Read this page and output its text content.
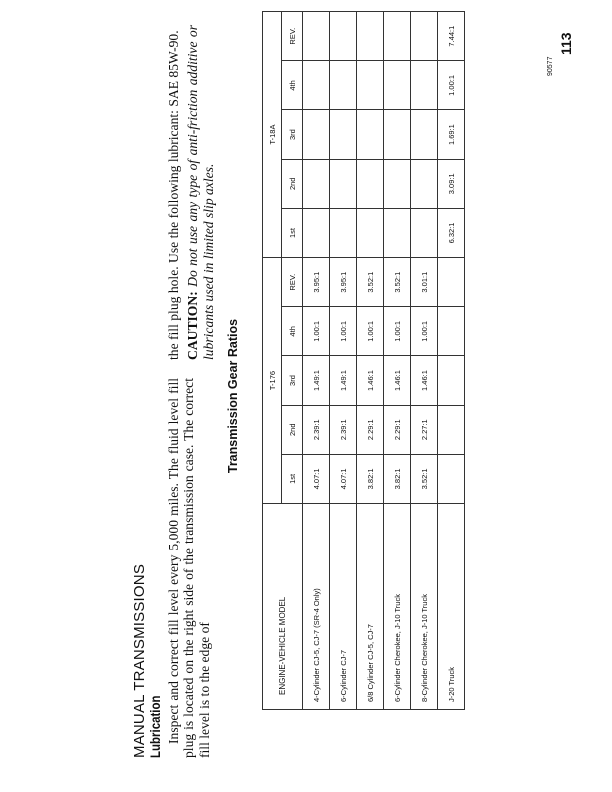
MANUAL TRANSMISSIONS Lubrication Inspect and correct fill level every 5,000 miles. The fluid level fill plug is located on the right side of the transmission case. The correct fill level is to the edge of

the fill plug hole. Use the following lubricant: SAE 85W-90. CAUTION: Do not use any type of anti-friction additive or lubricants used in limited slip axles.

Transmission Gear Ratios
ENGINE-VEHICLE MODEL	T-176					T-18A				
	1st	2nd	3rd	4th	REV.	1st	2nd	3rd	4th	REV.
4-Cylinder CJ-5, CJ-7 (SR-4 Only)	4.07:1	2.39:1	1.49:1	1.00:1	3.95:1					
6-Cylinder CJ-7	4.07:1	2.39:1	1.49:1	1.00:1	3.95:1					
6/8 Cylinder CJ-5, CJ-7	3.82:1	2.29:1	1.46:1	1.00:1	3.52:1					
6-Cylinder Cherokee, J-10 Truck	3.82:1	2.29:1	1.46:1	1.00:1	3.52:1					
8-Cylinder Cherokee, J-10 Truck	3.52:1	2.27:1	1.46:1	1.00:1	3.01:1					
J-20 Truck						6.32:1	3.09:1	1.69:1	1.00:1	7.44:1
90577
113
